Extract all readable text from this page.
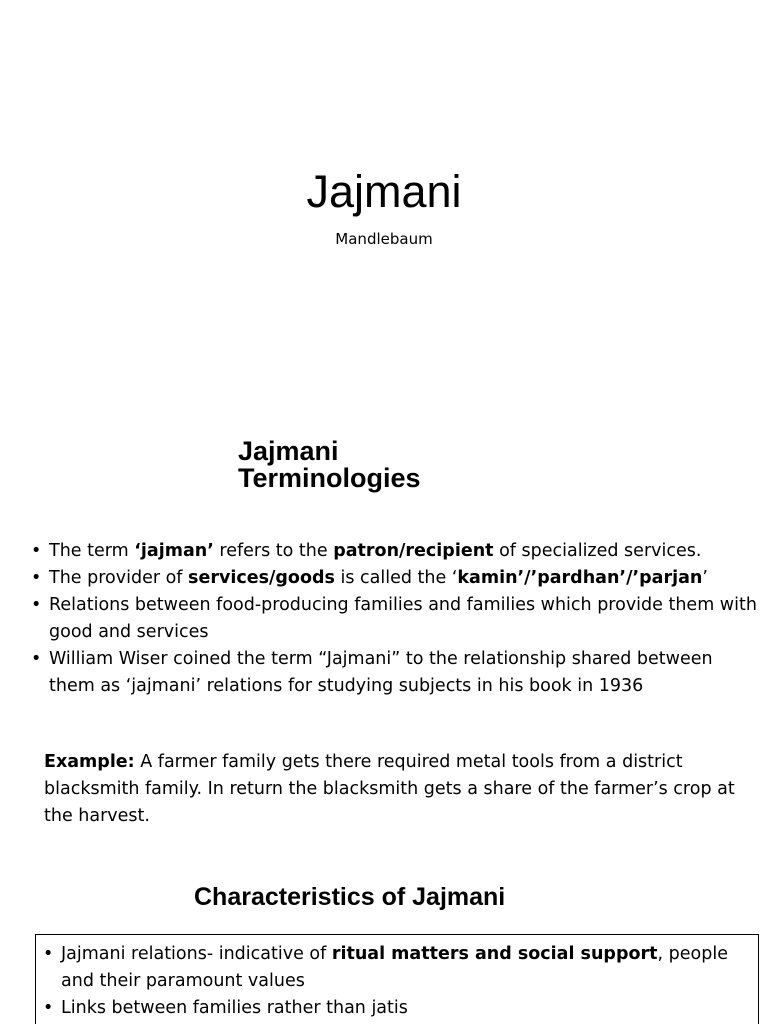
Jajmani
Mandlebaum
Jajmani
Terminologies
• The term ‘jajman’ refers to the patron/recipient of specialized services.
• The provider of services/goods is called the ‘kamin’/’pardhan’/’parjan’
• Relations between food-producing families and families which provide them with good and services
• William Wiser coined the term “Jajmani” to the relationship shared between them as ‘jajmani’ relations for studying subjects in his book in 1936

Example: A farmer family gets there required metal tools from a district blacksmith family. In return the blacksmith gets a share of the farmer’s crop at the harvest.

Characteristics of Jajmani
• Jajmani relations- indicative of ritual matters and social support, people and their paramount values
• Links between families rather than jatis
